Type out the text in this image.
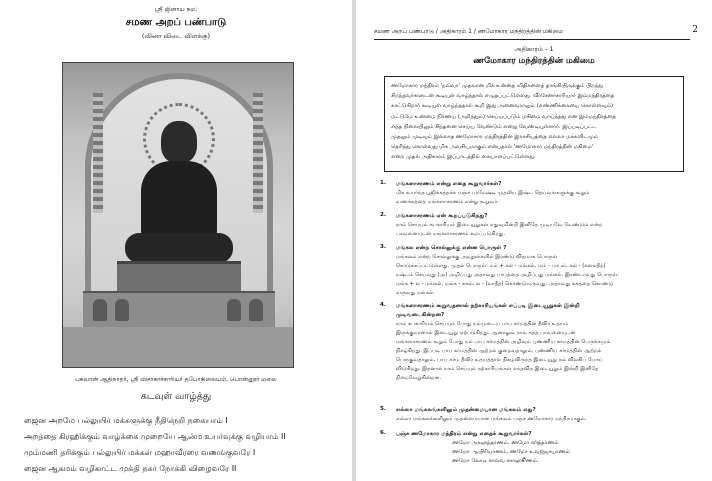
ஸ்ரீ ஜினாய நம:
சமண அறப் பண்பாடு
(வினா விடை விளக்கு)
பகவான் ஆதிநாதர், ஸ்ரீ விசாகாச்சாரியர் தபோநிலையம், பொன்னூர் மலை
கடவுள் வாழ்த்து
ஜைன அறமே பல்லுயிர் மக்களுக்கு நீதிநெறி நகையாம் I
அறத்தை கிரஹிக்கும் வாழ்க்கை முறையே ஆன்ம உயர்வுக்கு வழியாம் II
மும்மணி தரிக்கும் பல்லுயிர் மக்கள் மஹாவீரரை வணங்குவரே I
ஜைன ஆகமம் வழிகாட்ட முக்தி நகர் நோக்கி விழைவரே II
சமண அறப் பண்பாடு / அதிகாரம் 1 / ணமோகார மந்திரத்தின் மகிமை	2
அதிகாரம் - 1
ணமோகார மந்திரத்தின் மகிமை

ணமோகார மந்திரம் 'நவ்வா' முதலான மிக உன்னத விதிகளைத் தாங்கியிருக்கும் பிறந்து

சிறந்தவர்களுடன் கூடியுள் வாழ்ந்தால் எழுதப்பட்டுள்ளது. வீரசேனாசாரியார் இம்மந்திரத்தை

காட்டுகிறார் கூடியுள் வாழ்ந்ததால் கூறி இது அனைவராலும் (எண்ணிக்கையை கொள்ளவும்)

மட்டுமே உண்மை நிர்ணய (அறிந்தும்) செய்யப்படும் மகிமை வாய்ந்தது என இம்மந்திரத்தை

எந்த நிலையிலும் சிந்தனை செய்ய வேண்டும் என்று வேண்டியுள்ளார். இப்படிப்பட்ட

முதலும் முடிவும் இல்லாத ணமோகார மந்திரத்தின் இரகசியத்தை எல்லா மக்களிடமும்

தெரிந்து கொள்வது மிக அவசியமாகும் என்பதால் 'ணமோகார மந்திரத்தின் மகிமை'

என்ற முதல் அதிகாரம் இப்பாடத்தில் கையாளப்பட்டுள்ளது.

1. மங்களாசரணம் என்று எதை கூறுவார்கள்?
மிக உயர்ந்த பூஜிக்கத்தக்க பஞ்ச பரமேஷ்டி முதலிய இஷ்ட தெய்வங்களுக்கு கூறும்
வணக்கத்தை மங்களாசரணம் என்று கூறுவர்.
2. மங்களாசரணம் ஏன் கூறப்படுகிறது?
நாம் செய்யும் சுபகாரியம் இடையூறுகள் எதுவுமின்றி இனிதே முடியவே வேண்டும் என்ற
பாவனையுடன் மங்களாசரணம் கூறப்படுகிறது.
3. மங்கல என்ற சொல்லுக்கு என்ன பொருள் ?
மங்கலம் என்ற சொல்லுக்கு அறநூல்களில் இரண்டு விதமாக பொருள்
கொடுக்கப்பட்டுள்ளது. முதல் பொருள்: மம் + கல் - மங்கல், மம் - பாபம், கல் - (கலைதீத்)
நஷ்டம் செய்வது (அ) அழிப்பது அதாவது பாபத்தை அழிப்பது மங்கல். இரண்டாவது பொருள்:
மங்க + ல - மங்கல், மங்க - சுகம், ல - (லாதீத்) கொண்டுவருவது. அதாவது சுகத்தை கொண்டு
வருவது மங்கல்.
4. மங்களாசரணம் கூறுவதனால் நற்காரியங்கள் எப்படி இடையூறுகள் இன்றி
முடிவடைகின்றன?
நாம் சுபகாரியம் செய்யும் போது நம்முடைய பாப கர்மத்தின் தீவிர உதயம்
இருக்குமானால் இடையூறு ஏற்படுகிறது. ஆனாலும் நாம் சுத்த பாவனையுடன்
மங்களாசரணம் கூறும் போது நம் பாப கர்மத்தின் அழிவும் புண்ணிய கர்மத்தின் பெருக்கமும்
நிகழ்கிறது. இப்படி பாப கர்மத்தின் ஆற்றல் குறைவதாலும், புண்ணிய கர்மத்தின் ஆற்றல்
பெருகுவதாலும், பாப கர்ம தீவிர உதயத்தால் நிகழவிருந்த இடையூறு நம் விலகிப் போய்
விடுகிறது. இதனால் நாம் செய்யும் நற்காரியங்கள் எந்தவித இடையூறும் இன்றி இனிதே
நிறைவேறுகின்றன.
5. எல்லா மங்கலங்களிலும் முதன்மையான மங்கலம் எது?
எல்லா மங்கலங்களிலும் முதன்மையான மங்கலம் பஞ்ச ணமோகார மந்திரமாகும்.
6. பஞ்ச ணமோகார மந்திரம் என்று எதைக் கூறுவார்கள்?
ணமோ அரஹந்தாணம், ணமோ ஸித்தாணம்
ணமோ ஆயிரியாணம், ணமோ உவஜ்ஜாயாணம்
ணமோ லோஏ ஸவ்வ ஸாஹூணம்.
